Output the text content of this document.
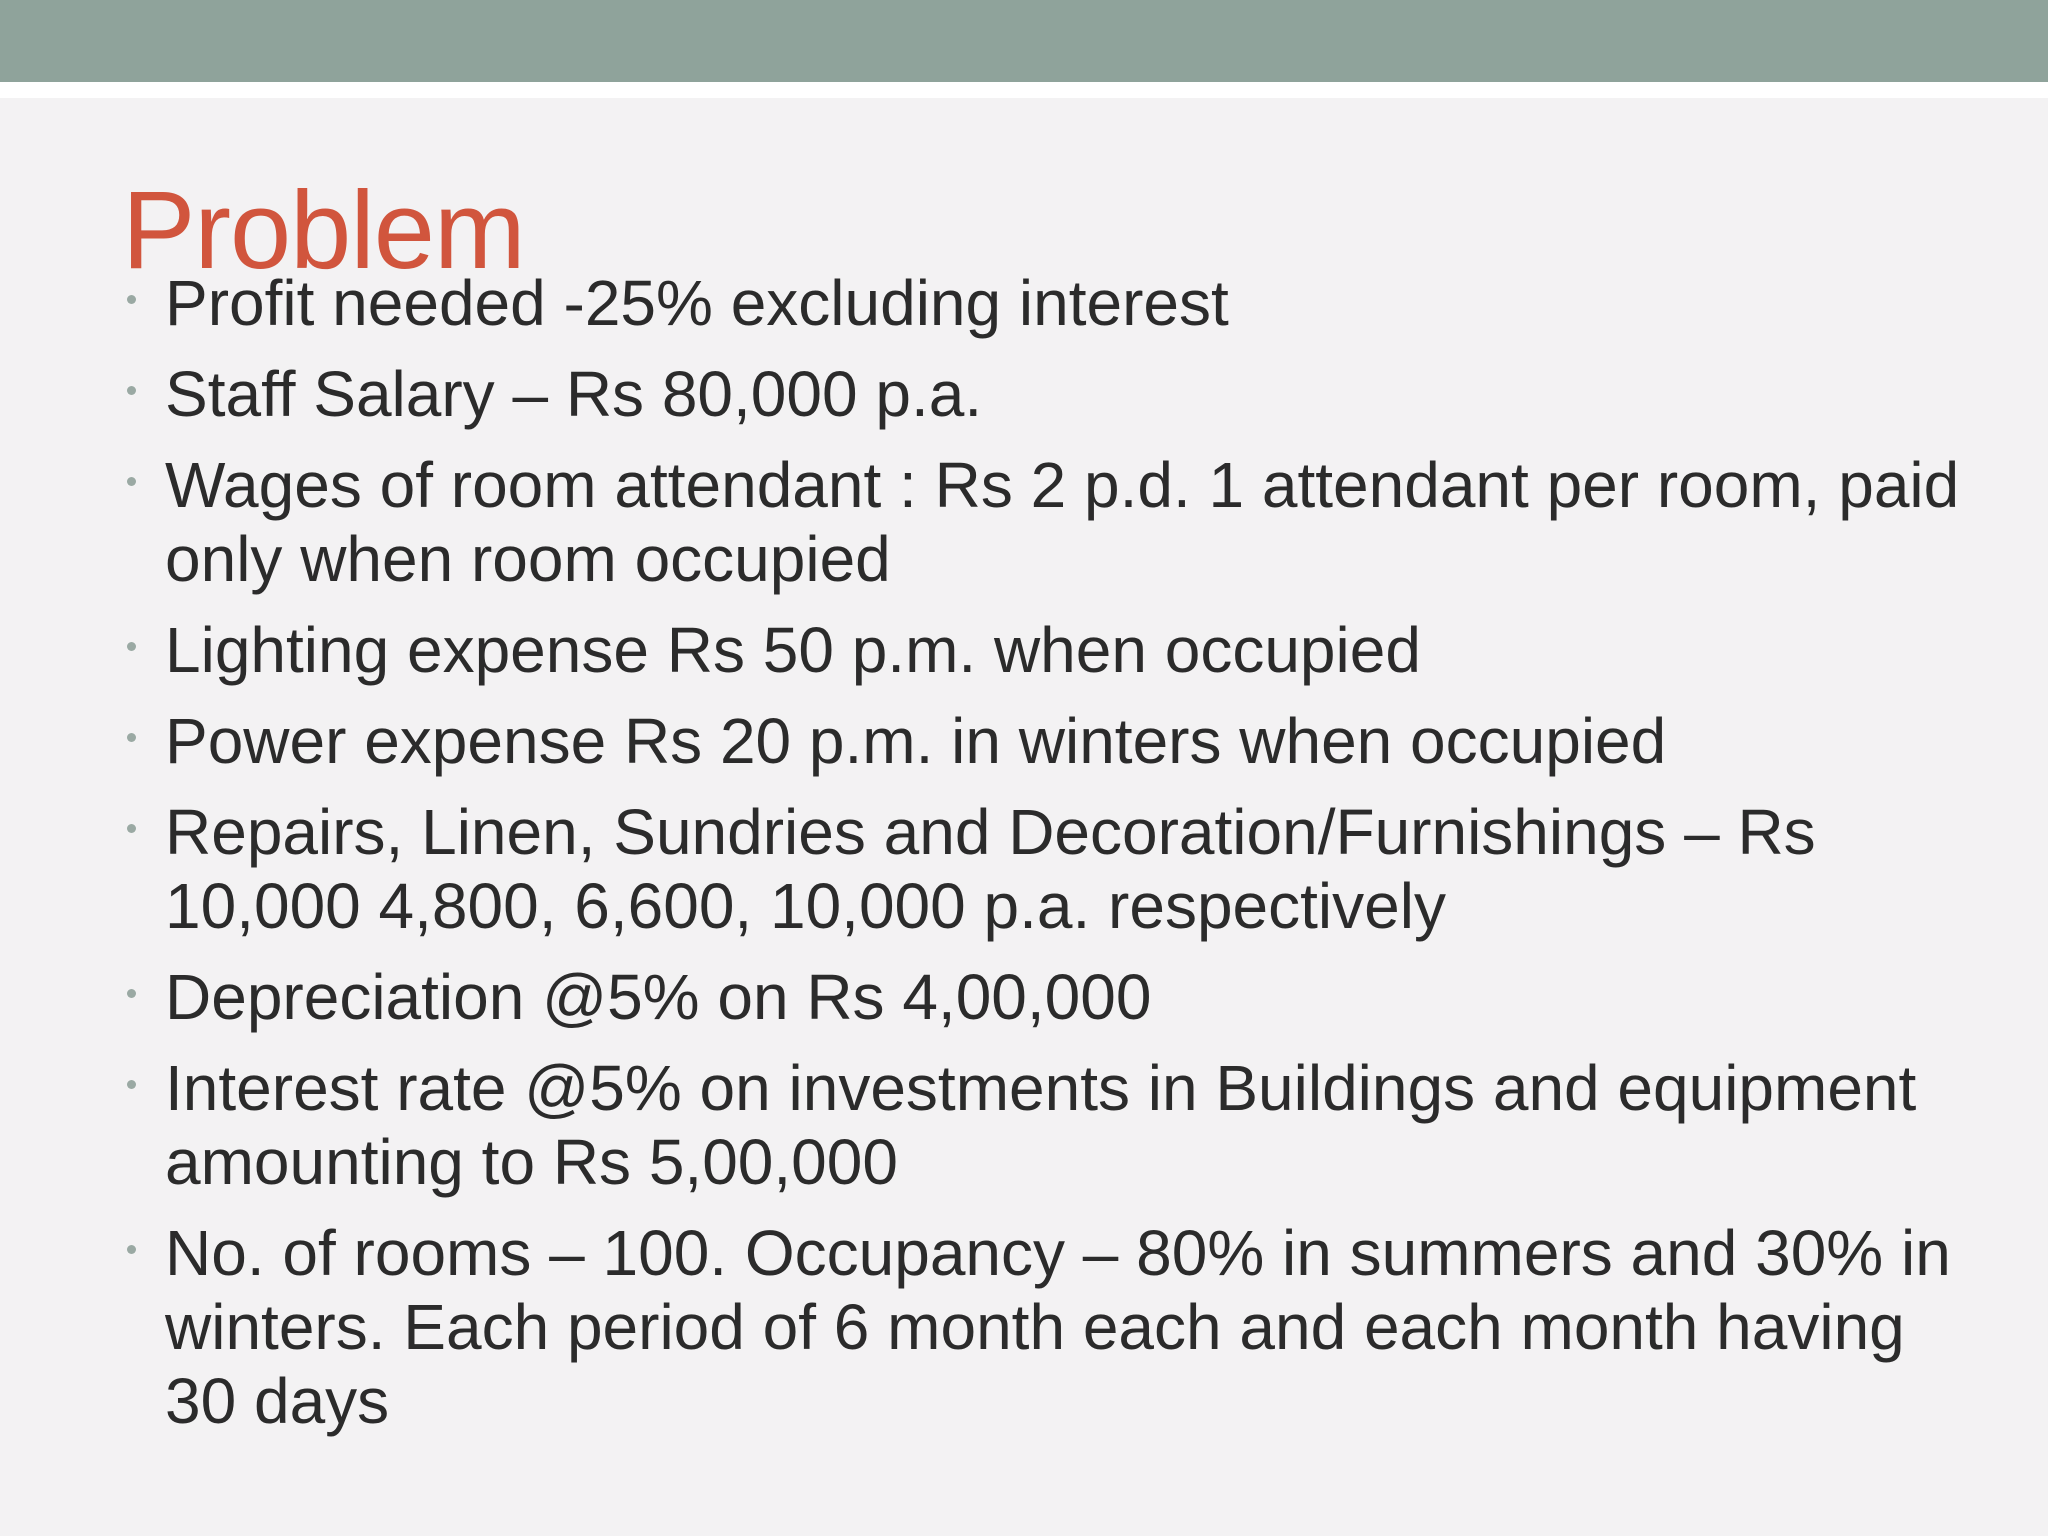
Problem
Profit needed -25% excluding interest
Staff Salary – Rs 80,000 p.a.
Wages of room attendant : Rs 2 p.d. 1 attendant per room, paid only when room occupied
Lighting expense Rs 50 p.m. when occupied
Power expense Rs 20 p.m. in winters when occupied
Repairs, Linen, Sundries and Decoration/Furnishings – Rs 10,000 4,800, 6,600, 10,000 p.a. respectively
Depreciation @5% on Rs 4,00,000
Interest rate @5% on investments in Buildings and equipment amounting to Rs 5,00,000
No. of rooms – 100. Occupancy – 80% in summers and 30% in winters. Each period of 6 month each and each month having 30 days
